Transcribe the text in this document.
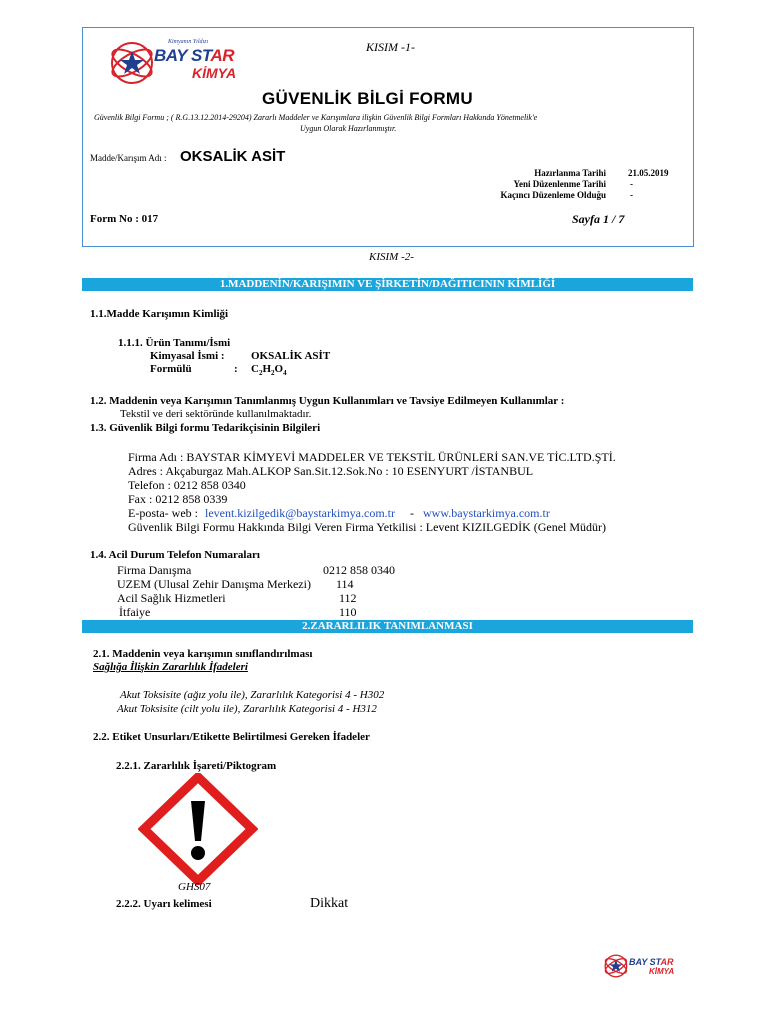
Kimyanın Yıldızı
BAY STAR
KİMYA
KISIM -1-
GÜVENLİK BİLGİ FORMU
Güvenlik Bilgi Formu ; ( R.G.13.12.2014-29204) Zararlı Maddeler ve Karışımlara ilişkin Güvenlik Bilgi Formları Hakkında Yönetmelik'e
Uygun Olarak Hazırlanmıştır.
Madde/Karışım Adı : OKSALİK ASİT
Hazırlanma Tarihi 21.05.2019
Yeni Düzenlenme Tarihi	-
Kaçıncı Düzenleme Olduğu	-
Form No : 017	Sayfa 1 / 7
KISIM -2-
1.MADDENİN/KARIŞIMIN VE ŞİRKETİN/DAĞITICININ KİMLİĞİ
1.1.Madde Karışımın Kimliği
1.1.1. Ürün Tanımı/İsmi
Kimyasal İsmi : OKSALİK ASİT
Formülü	: $C_2H_2O_4$
1.2. Maddenin veya Karışımın Tanımlanmış Uygun Kullanımları ve Tavsiye Edilmeyen Kullanımlar :
Tekstil ve deri sektöründe kullanılmaktadır.
1.3. Güvenlik Bilgi formu Tedarikçisinin Bilgileri
Firma Adı : BAYSTAR KİMYEVİ MADDELER VE TEKSTİL ÜRÜNLERİ SAN.VE TİC.LTD.ŞTİ.
Adres : Akçaburgaz Mah.ALKOP San.Sit.12.Sok.No : 10 ESENYURT /İSTANBUL
Telefon : 0212 858 0340
Fax : 0212 858 0339
E-posta- web : levent.kizilgedik@baystarkimya.com.tr - www.baystarkimya.com.tr
Güvenlik Bilgi Formu Hakkında Bilgi Veren Firma Yetkilisi : Levent KIZILGEDİK (Genel Müdür)
1.4. Acil Durum Telefon Numaraları
Firma Danışma	0212 858 0340
UZEM (Ulusal Zehir Danışma Merkezi) 114
Acil Sağlık Hizmetleri	112
İtfaiye	110
2.ZARARLILIK TANIMLANMASI
2.1. Maddenin veya karışımın sınıflandırılması
Sağlığa İlişkin Zararlılık İfadeleri
Akut Toksisite (ağız yolu ile), Zararlılık Kategorisi 4 - H302
Akut Toksisite (cilt yolu ile), Zararlılık Kategorisi 4 - H312
2.2. Etiket Unsurları/Etikette Belirtilmesi Gereken İfadeler
2.2.1. Zararlılık İşareti/Piktogram
GHS07
2.2.2. Uyarı kelimesi	Dikkat
BAY STAR
KİMYA
